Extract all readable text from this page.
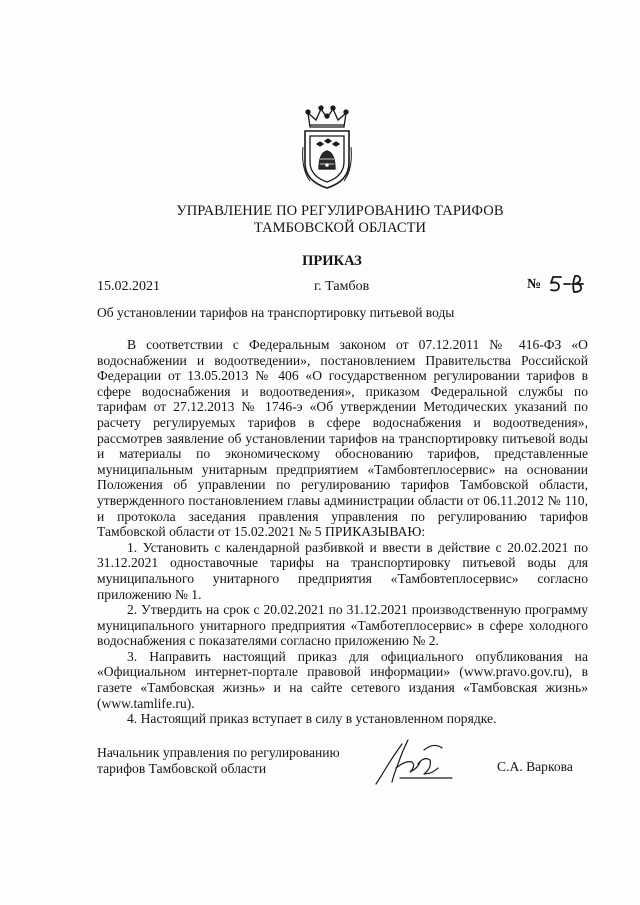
УПРАВЛЕНИЕ ПО РЕГУЛИРОВАНИЮ ТАРИФОВ
ТАМБОВСКОЙ ОБЛАСТИ
ПРИКАЗ
15.02.2021	г. Тамбов	№
Об установлении тарифов на транспортировку питьевой воды

В соответствии с Федеральным законом от 07.12.2011 № 416-ФЗ «О водоснабжении и водоотведении», постановлением Правительства Российской Федерации от 13.05.2013 № 406 «О государственном регулировании тарифов в сфере водоснабжения и водоотведения», приказом Федеральной службы по тарифам от 27.12.2013 № 1746-э «Об утверждении Методических указаний по расчету регулируемых тарифов в сфере водоснабжения и водоотведения», рассмотрев заявление об установлении тарифов на транспортировку питьевой воды и материалы по экономическому обоснованию тарифов, представленные муниципальным унитарным предприятием «Тамбовтеплосервис» на основании Положения об управлении по регулированию тарифов Тамбовской области, утвержденного постановлением главы администрации области от 06.11.2012 № 110, и протокола заседания правления управления по регулированию тарифов Тамбовской области от 15.02.2021 № 5 ПРИКАЗЫВАЮ:

1. Установить с календарной разбивкой и ввести в действие с 20.02.2021 по 31.12.2021 одноставочные тарифы на транспортировку питьевой воды для муниципального унитарного предприятия «Тамбовтеплосервис» согласно приложению № 1.

2. Утвердить на срок с 20.02.2021 по 31.12.2021 производственную программу муниципального унитарного предприятия «Тамботеплосервис» в сфере холодного водоснабжения с показателями согласно приложению № 2.

3. Направить настоящий приказ для официального опубликования на «Официальном интернет-портале правовой информации» (www.pravo.gov.ru), в газете «Тамбовская жизнь» и на сайте сетевого издания «Тамбовская жизнь» (www.tamlife.ru).

4. Настоящий приказ вступает в силу в установленном порядке.

Начальник управления по регулированию
тарифов Тамбовской области	С.А. Варкова
